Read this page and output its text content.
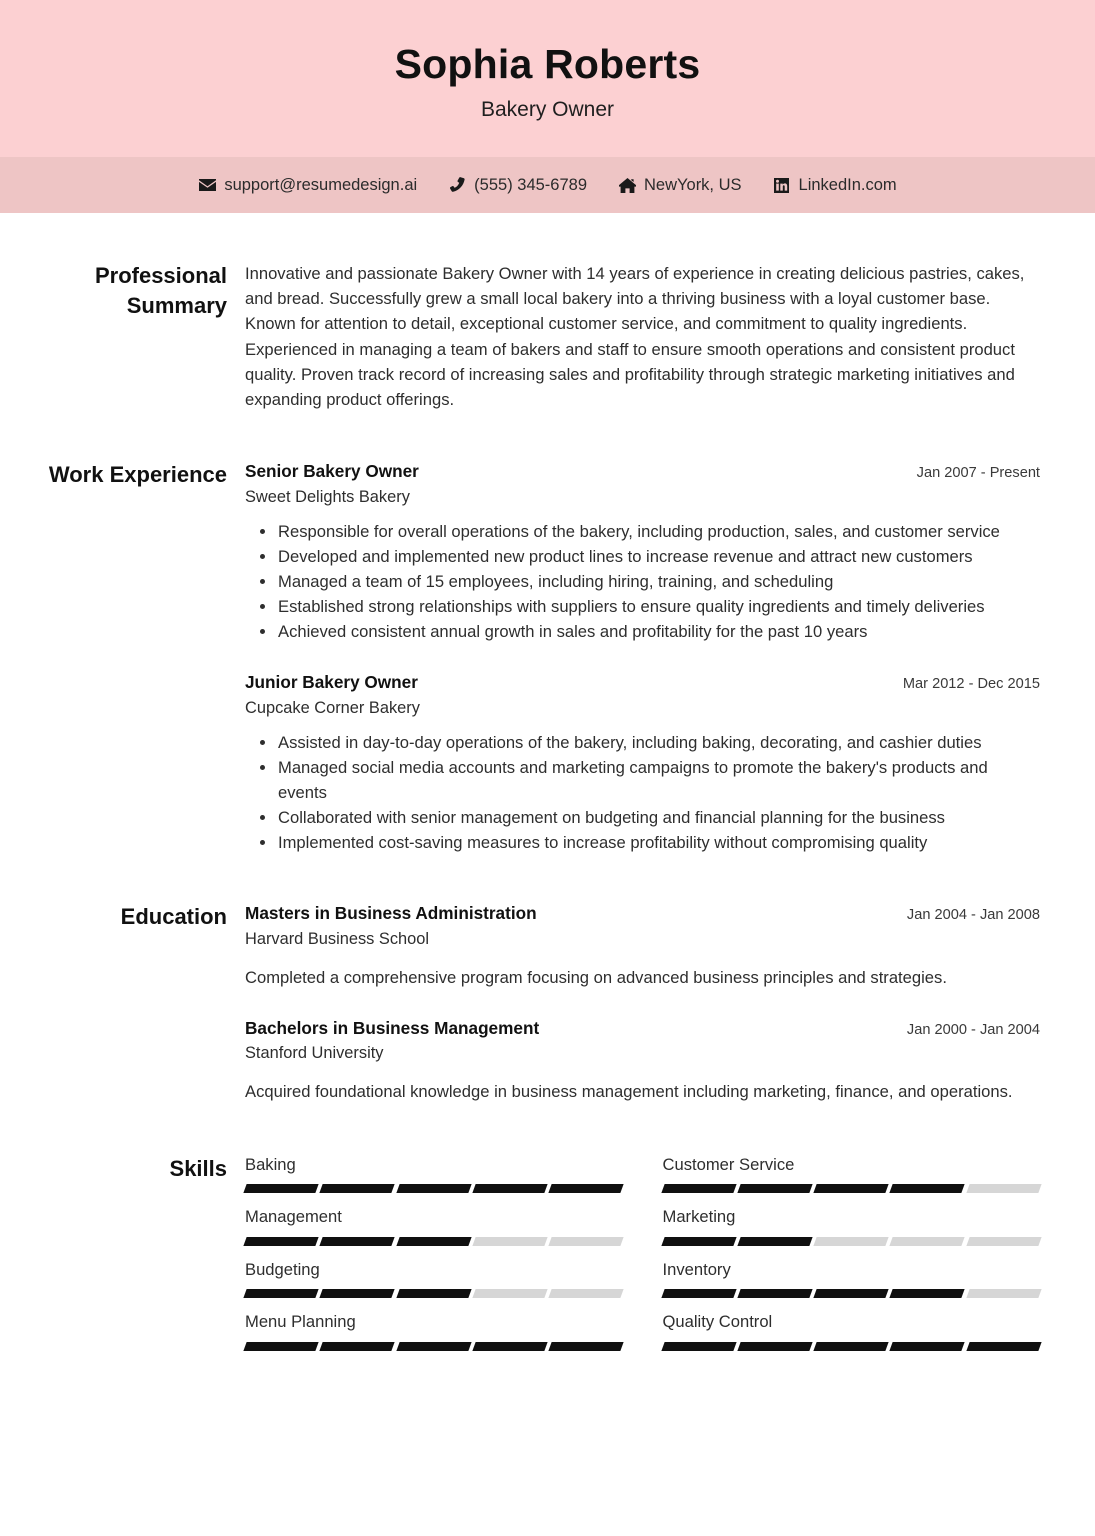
Sophia Roberts
Bakery Owner
support@resumedesign.ai	(555) 345-6789	NewYork, US	LinkedIn.com
Professional Summary

Innovative and passionate Bakery Owner with 14 years of experience in creating delicious pastries, cakes, and bread. Successfully grew a small local bakery into a thriving business with a loyal customer base. Known for attention to detail, exceptional customer service, and commitment to quality ingredients. Experienced in managing a team of bakers and staff to ensure smooth operations and consistent product quality. Proven track record of increasing sales and profitability through strategic marketing initiatives and expanding product offerings.

Work Experience	Senior Bakery Owner	Jan 2007 - Present
Sweet Delights Bakery
Responsible for overall operations of the bakery, including production, sales, and customer service
Developed and implemented new product lines to increase revenue and attract new customers
Managed a team of 15 employees, including hiring, training, and scheduling
Established strong relationships with suppliers to ensure quality ingredients and timely deliveries
Achieved consistent annual growth in sales and profitability for the past 10 years
Junior Bakery Owner	Mar 2012 - Dec 2015
Cupcake Corner Bakery
Assisted in day-to-day operations of the bakery, including baking, decorating, and cashier duties
Managed social media accounts and marketing campaigns to promote the bakery's products and events
Collaborated with senior management on budgeting and financial planning for the business
Implemented cost-saving measures to increase profitability without compromising quality
Education	Masters in Business Administration	Jan 2004 - Jan 2008
Harvard Business School
Completed a comprehensive program focusing on advanced business principles and strategies.
Bachelors in Business Management	Jan 2000 - Jan 2004
Stanford University
Acquired foundational knowledge in business management including marketing, finance, and operations.
Skills	Baking	Customer Service
Management	Marketing
Budgeting	Inventory
Menu Planning	Quality Control
